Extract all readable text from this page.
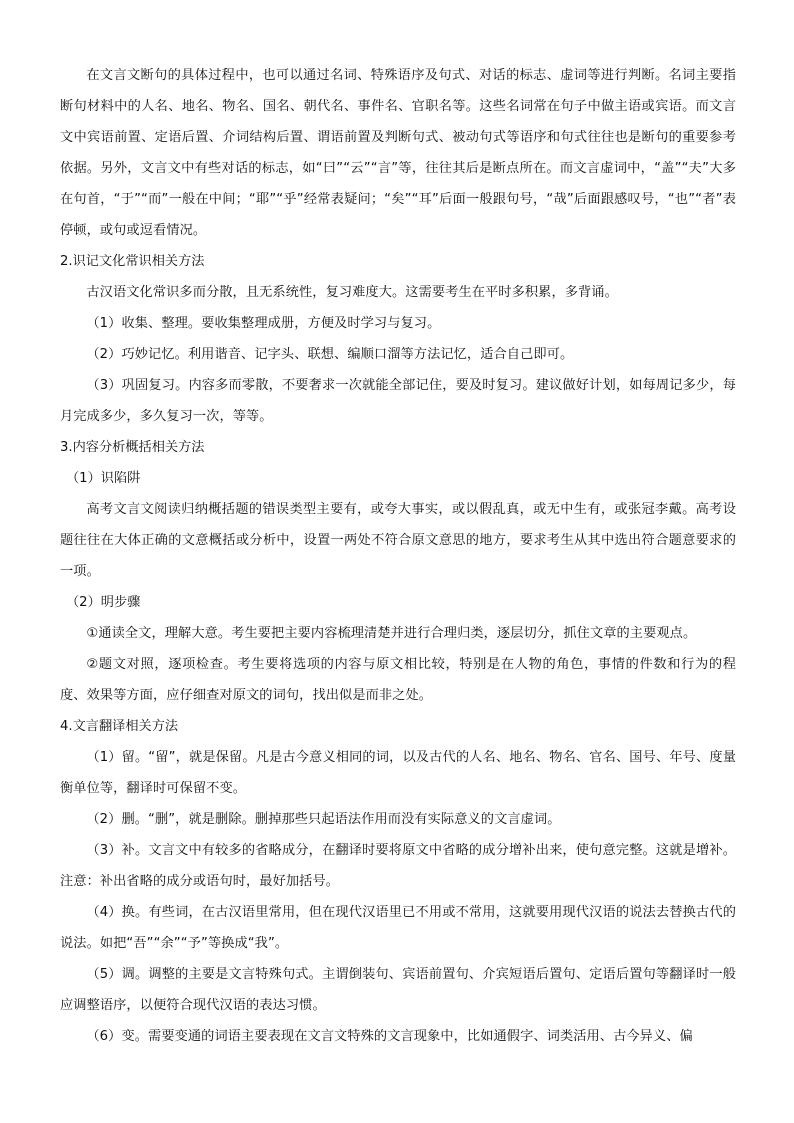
在文言文断句的具体过程中，也可以通过名词、特殊语序及句式、对话的标志、虚词等进行判断。名词主要指断句材料中的人名、地名、物名、国名、朝代名、事件名、官职名等。这些名词常在句子中做主语或宾语。而文言文中宾语前置、定语后置、介词结构后置、谓语前置及判断句式、被动句式等语序和句式往往也是断句的重要参考依据。另外，文言文中有些对话的标志，如“曰”“云”“言”等，往往其后是断点所在。而文言虚词中，“盖”“夫”大多在句首，“于”“而”一般在中间；“耶”“乎”经常表疑问；“矣”“耳”后面一般跟句号，“哉”后面跟感叹号，“也”“者”表停顿，或句或逗看情况。

2.识记文化常识相关方法

古汉语文化常识多而分散，且无系统性，复习难度大。这需要考生在平时多积累，多背诵。

（1）收集、整理。要收集整理成册，方便及时学习与复习。

（2）巧妙记忆。利用谐音、记字头、联想、编顺口溜等方法记忆，适合自己即可。

（3）巩固复习。内容多而零散，不要奢求一次就能全部记住，要及时复习。建议做好计划，如每周记多少，每月完成多少，多久复习一次，等等。

3.内容分析概括相关方法

（1）识陷阱

高考文言文阅读归纳概括题的错误类型主要有，或夸大事实，或以假乱真，或无中生有，或张冠李戴。高考设题往往在大体正确的文意概括或分析中，设置一两处不符合原文意思的地方，要求考生从其中选出符合题意要求的一项。

（2）明步骤

①通读全文，理解大意。考生要把主要内容梳理清楚并进行合理归类，逐层切分，抓住文章的主要观点。

②题文对照，逐项检查。考生要将选项的内容与原文相比较，特别是在人物的角色，事情的件数和行为的程度、效果等方面，应仔细查对原文的词句，找出似是而非之处。

4.文言翻译相关方法

（1）留。“留”，就是保留。凡是古今意义相同的词，以及古代的人名、地名、物名、官名、国号、年号、度量衡单位等，翻译时可保留不变。

（2）删。“删”，就是删除。删掉那些只起语法作用而没有实际意义的文言虚词。

（3）补。文言文中有较多的省略成分，在翻译时要将原文中省略的成分增补出来，使句意完整。这就是增补。注意：补出省略的成分或语句时，最好加括号。

（4）换。有些词，在古汉语里常用，但在现代汉语里已不用或不常用，这就要用现代汉语的说法去替换古代的说法。如把“吾”“余”“予”等换成“我”。

（5）调。调整的主要是文言特殊句式。主谓倒装句、宾语前置句、介宾短语后置句、定语后置句等翻译时一般应调整语序，以便符合现代汉语的表达习惯。

（6）变。需要变通的词语主要表现在文言文特殊的文言现象中，比如通假字、词类活用、古今异义、偏
